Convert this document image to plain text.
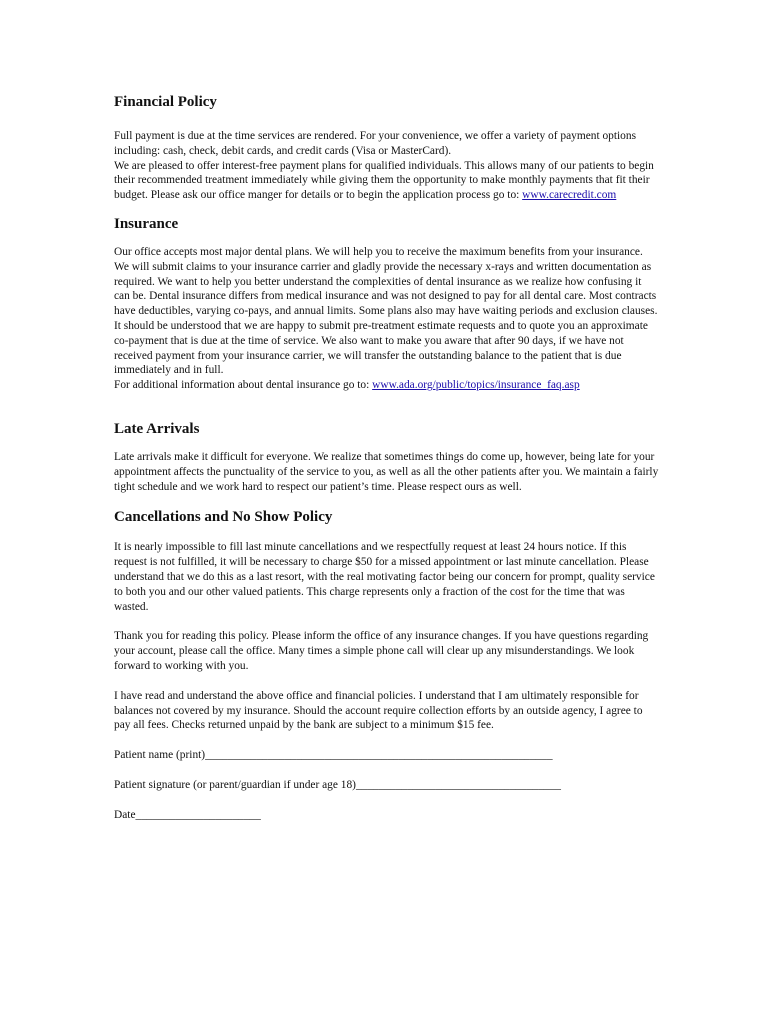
Financial Policy

Full payment is due at the time services are rendered. For your convenience, we offer a variety of payment options including: cash, check, debit cards, and credit cards (Visa or MasterCard).

We are pleased to offer interest-free payment plans for qualified individuals. This allows many of our patients to begin their recommended treatment immediately while giving them the opportunity to make monthly payments that fit their budget. Please ask our office manger for details or to begin the application process go to: www.carecredit.com

Insurance

Our office accepts most major dental plans. We will help you to receive the maximum benefits from your insurance. We will submit claims to your insurance carrier and gladly provide the necessary x-rays and written documentation as required. We want to help you better understand the complexities of dental insurance as we realize how confusing it can be. Dental insurance differs from medical insurance and was not designed to pay for all dental care. Most contracts have deductibles, varying co-pays, and annual limits. Some plans also may have waiting periods and exclusion clauses. It should be understood that we are happy to submit pre-treatment estimate requests and to quote you an approximate co-payment that is due at the time of service. We also want to make you aware that after 90 days, if we have not received payment from your insurance carrier, we will transfer the outstanding balance to the patient that is due immediately and in full.

For additional information about dental insurance go to: www.ada.org/public/topics/insurance_faq.asp

Late Arrivals

Late arrivals make it difficult for everyone. We realize that sometimes things do come up, however, being late for your appointment affects the punctuality of the service to you, as well as all the other patients after you. We maintain a fairly tight schedule and we work hard to respect our patient’s time. Please respect ours as well.

Cancellations and No Show Policy

It is nearly impossible to fill last minute cancellations and we respectfully request at least 24 hours notice. If this request is not fulfilled, it will be necessary to charge $50 for a missed appointment or last minute cancellation. Please understand that we do this as a last resort, with the real motivating factor being our concern for prompt, quality service to both you and our other valued patients. This charge represents only a fraction of the cost for the time that was wasted.

Thank you for reading this policy. Please inform the office of any insurance changes. If you have questions regarding your account, please call the office. Many times a simple phone call will clear up any misunderstandings. We look forward to working with you.

I have read and understand the above office and financial policies. I understand that I am ultimately responsible for balances not covered by my insurance. Should the account require collection efforts by an outside agency, I agree to pay all fees. Checks returned unpaid by the bank are subject to a minimum $15 fee.

Patient name (print)_____________________________________________________________

Patient signature (or parent/guardian if under age 18)____________________________________

Date______________________
